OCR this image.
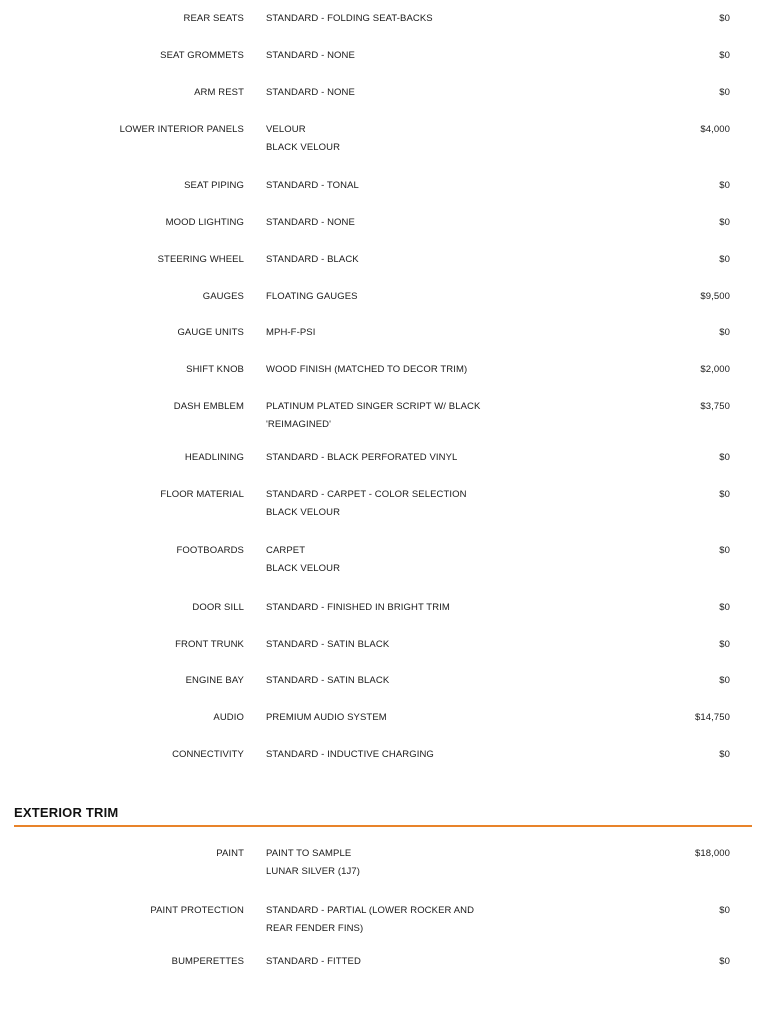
REAR SEATS STANDARD - FOLDING SEAT-BACKS	$0
SEAT GROMMETS STANDARD - NONE	$0
ARM REST STANDARD - NONE	$0
LOWER INTERIOR PANELS VELOUR
BLACK VELOUR
$4,000
SEAT PIPING STANDARD - TONAL	$0
MOOD LIGHTING STANDARD - NONE	$0
STEERING WHEEL STANDARD - BLACK	$0
GAUGES FLOATING GAUGES	$9,500
GAUGE UNITS MPH-F-PSI	$0
SHIFT KNOB WOOD FINISH (MATCHED TO DECOR TRIM)	$2,000
DASH EMBLEM PLATINUM PLATED SINGER SCRIPT W/ BLACK 'REIMAGINED'
$3,750
HEADLINING STANDARD - BLACK PERFORATED VINYL	$0
FLOOR MATERIAL STANDARD - CARPET - COLOR SELECTION
BLACK VELOUR
$0
FOOTBOARDS CARPET
BLACK VELOUR
$0
DOOR SILL STANDARD - FINISHED IN BRIGHT TRIM	$0
FRONT TRUNK STANDARD - SATIN BLACK	$0
ENGINE BAY STANDARD - SATIN BLACK	$0
AUDIO PREMIUM AUDIO SYSTEM	$14,750
CONNECTIVITY STANDARD - INDUCTIVE CHARGING	$0
EXTERIOR TRIM
PAINT PAINT TO SAMPLE
LUNAR SILVER (1J7)
$18,000
PAINT PROTECTION STANDARD - PARTIAL (LOWER ROCKER AND REAR FENDER FINS)
$0
BUMPERETTES STANDARD - FITTED	$0
